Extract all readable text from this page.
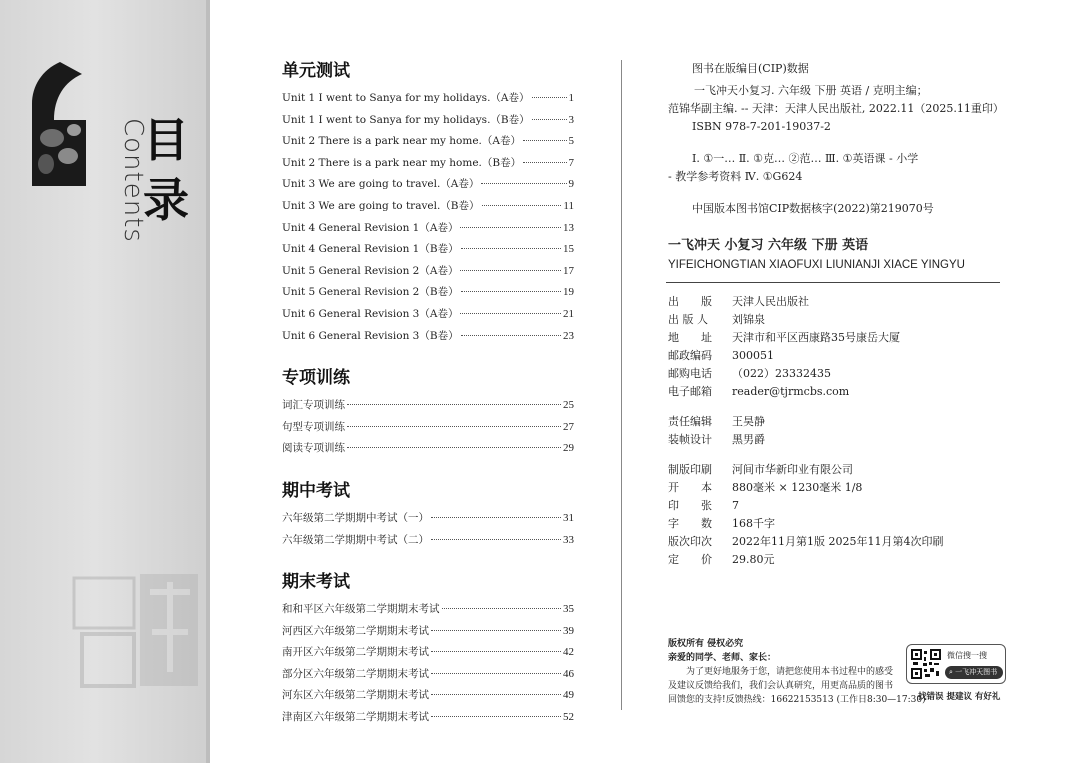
Contents
目
录
单元测试
Unit 1 I went to Sanya for my holidays.（A卷）	1
Unit 1 I went to Sanya for my holidays.（B卷）	3
Unit 2 There is a park near my home.（A卷）	5
Unit 2 There is a park near my home.（B卷）	7
Unit 3 We are going to travel.（A卷）	9
Unit 3 We are going to travel.（B卷）	11
Unit 4 General Revision 1（A卷）	13
Unit 4 General Revision 1（B卷）	15
Unit 5 General Revision 2（A卷）	17
Unit 5 General Revision 2（B卷）	19
Unit 6 General Revision 3（A卷）	21
Unit 6 General Revision 3（B卷）	23
专项训练
词汇专项训练	25
句型专项训练	27
阅读专项训练	29
期中考试
六年级第二学期期中考试（一）	31
六年级第二学期期中考试（二）	33
期末考试
和和平区六年级第二学期期末考试	35
河西区六年级第二学期期末考试	39
南开区六年级第二学期期末考试	42
部分区六年级第二学期期末考试	46
河东区六年级第二学期期末考试	49
津南区六年级第二学期期末考试	52
图书在版编目(CIP)数据
一飞冲天小复习. 六年级 下册 英语 / 克明主编；
范锦华副主编. -- 天津：天津人民出版社, 2022.11（2025.11重印）
ISBN 978-7-201-19037-2
Ⅰ. ①一… Ⅱ. ①克… ②范… Ⅲ. ①英语课 - 小学
- 教学参考资料 Ⅳ. ①G624
中国版本图书馆CIP数据核字(2022)第219070号
一飞冲天 小复习 六年级 下册 英语
YIFEICHONGTIAN XIAOFUXI LIUNIANJI XIACE YINGYU
出　　版	天津人民出版社
出 版 人	刘锦泉
地　　址	天津市和平区西康路35号康岳大厦
邮政编码	300051
邮购电话	（022）23332435
电子邮箱	reader@tjrmcbs.com
责任编辑	王昊静
装帧设计	黑男爵
制版印刷	河间市华新印业有限公司
开　　本	880毫米 × 1230毫米 1/8
印　　张	7
字　　数	168千字
版次印次	2022年11月第1版 2025年11月第4次印刷
定　　价	29.80元
版权所有 侵权必究
亲爱的同学、老师、家长：
为了更好地服务于您，请把您使用本书过程中的感受
及建议反馈给我们，我们会认真研究，用更高品质的图书
回馈您的支持!反馈热线：16622153513 (工作日8:30—17:30)
微信搜一搜
⌕ 一飞冲天图书
找错误 提建议 有好礼
